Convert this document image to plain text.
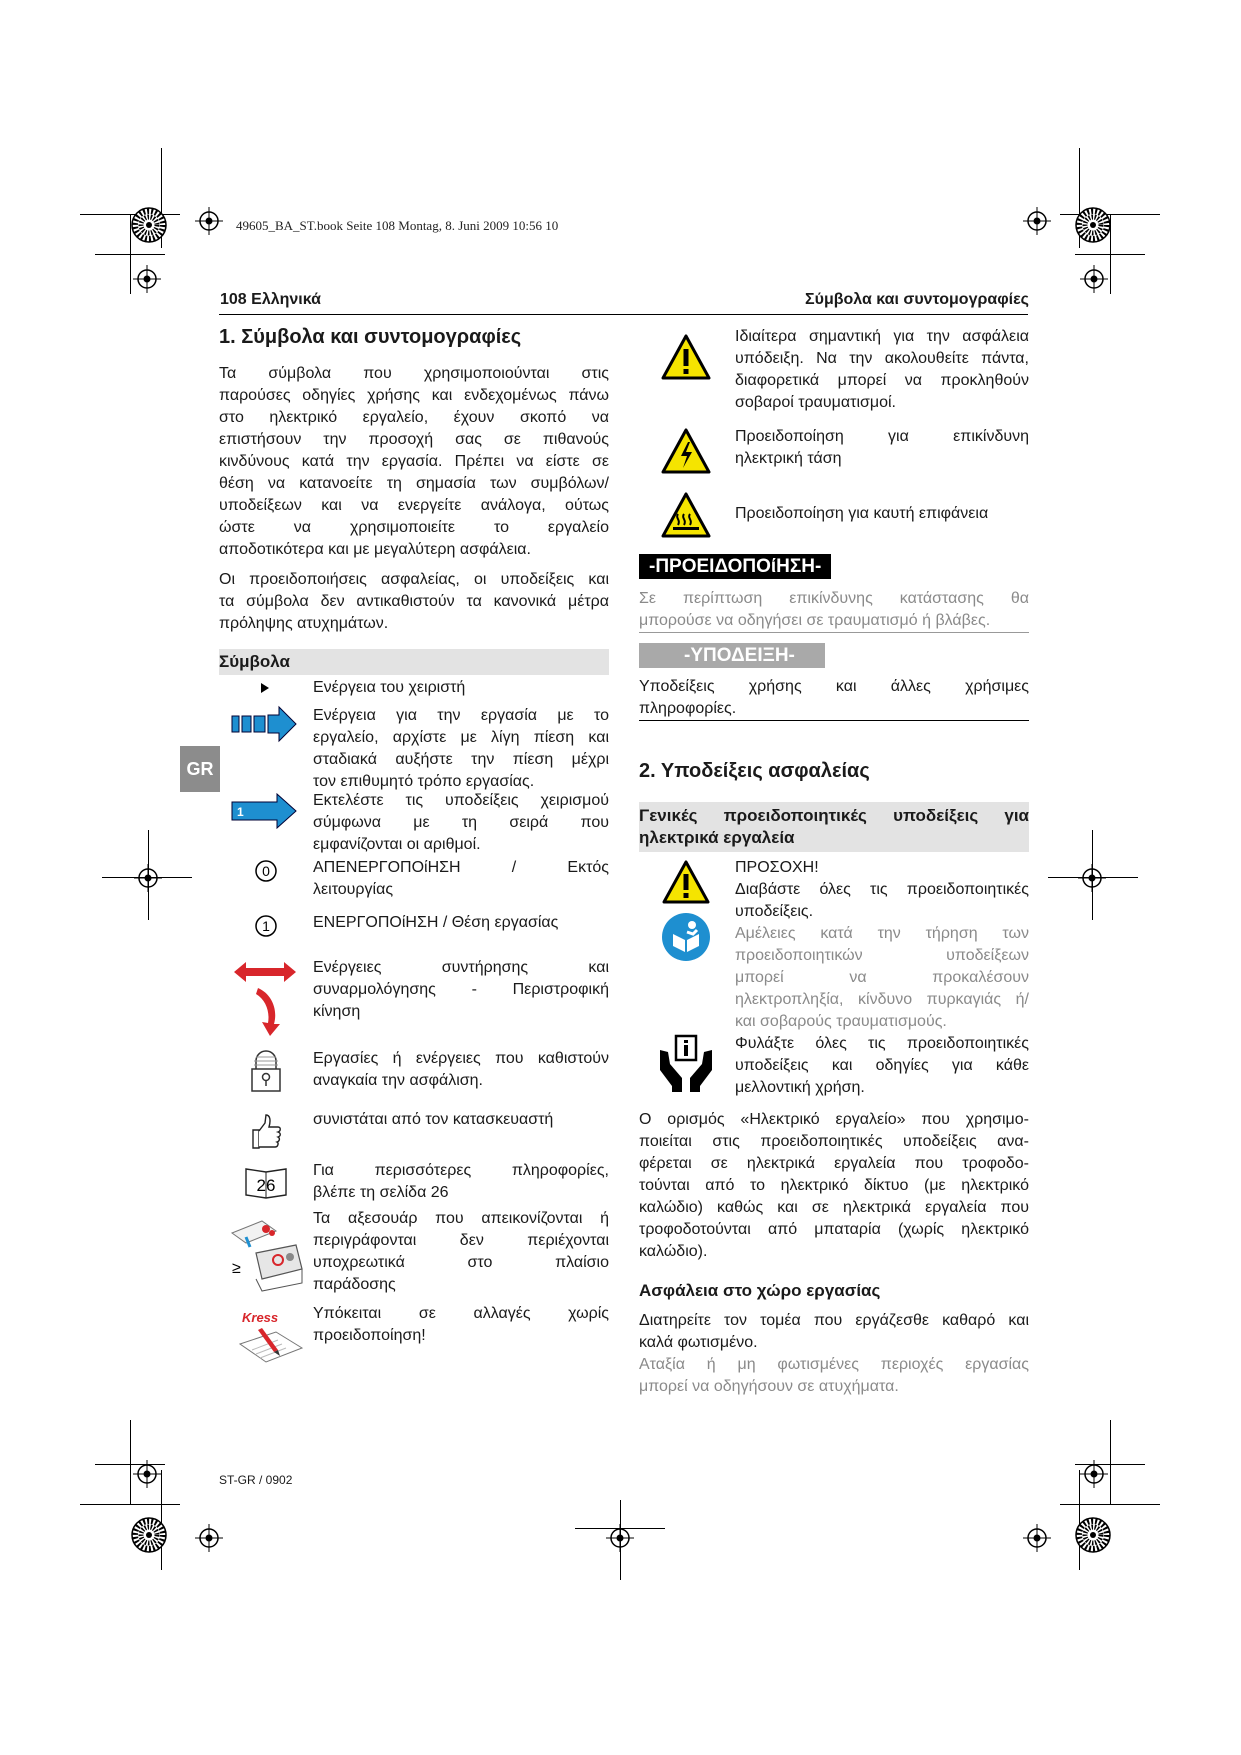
49605_BA_ST.book Seite 108 Montag, 8. Juni 2009 10:56 10
108 Ελληνικά	Σύμβολα και συντομογραφίες
GR
1. Σύμβολα και συντομογραφίες
Τα σύμβολα που χρησιμοποιούνται στις
παρούσες οδηγίες χρήσης και ενδεχομένως πάνω
στο ηλεκτρικό εργαλείο, έχουν σκοπό να
επιστήσουν την προσοχή σας σε πιθανούς
κινδύνους κατά την εργασία. Πρέπει να είστε σε
θέση να κατανοείτε τη σημασία των συμβόλων/
υποδείξεων και να ενεργείτε ανάλογα, ούτως
ώστε να χρησιμοποιείτε το εργαλείο
αποδοτικότερα και με μεγαλύτερη ασφάλεια.
Οι προειδοποιήσεις ασφαλείας, οι υποδείξεις και
τα σύμβολα δεν αντικαθιστούν τα κανονικά μέτρα
πρόληψης ατυχημάτων.
Σύμβολα
Ενέργεια του χειριστή
Ενέργεια για την εργασία με το
εργαλείο, αρχίστε με λίγη πίεση και
σταδιακά αυξήστε την πίεση μέχρι
τον επιθυμητό τρόπο εργασίας.
1
Εκτελέστε τις υποδείξεις χειρισμού
σύμφωνα με τη σειρά που
εμφανίζονται οι αριθμοί.
0	ΑΠΕΝΕΡΓΟΠΟίΗΣΗ / Εκτός
λειτουργίας
1	ΕΝΕΡΓΟΠΟίΗΣΗ / Θέση εργασίας
Ενέργειες συντήρησης και
συναρμολόγησης - Περιστροφική
κίνηση
Εργασίες ή ενέργειες που καθιστούν
αναγκαία την ασφάλιση.
συνιστάται από τον κατασκευαστή
26
Για περισσότερες πληροφορίες,
βλέπε τη σελίδα 26
≥
Τα αξεσουάρ που απεικονίζονται ή
περιγράφονται δεν περιέχονται
υποχρεωτικά στο πλαίσιο
παράδοσης
Kress Υπόκειται σε αλλαγές χωρίς
προειδοποίηση!
Ιδιαίτερα σημαντική για την ασφάλεια
υπόδειξη. Να την ακολουθείτε πάντα,
διαφορετικά μπορεί να προκληθούν
σοβαροί τραυματισμοί.
Προειδοποίηση για επικίνδυνη
ηλεκτρική τάση
Προειδοποίηση για καυτή επιφάνεια
-ΠΡΟΕΙΔΟΠΟίΗΣΗ-
Σε περίπτωση επικίνδυνης κατάστασης θα
μπορούσε να οδηγήσει σε τραυματισμό ή βλάβες.
-ΥΠΟΔΕΙΞΗ-
Υποδείξεις χρήσης και άλλες χρήσιμες
πληροφορίες.
2. Υποδείξεις ασφαλείας
Γενικές προειδοποιητικές υποδείξεις για
ηλεκτρικά εργαλεία
ΠΡΟΣΟΧΗ!
Διαβάστε όλες τις προειδοποιητικές
υποδείξεις.
Αμέλειες κατά την τήρηση των
προειδοποιητικών υποδείξεων
μπορεί να προκαλέσουν
ηλεκτροπληξία, κίνδυνο πυρκαγιάς ή/
και σοβαρούς τραυματισμούς.
Φυλάξτε όλες τις προειδοποιητικές
υποδείξεις και οδηγίες για κάθε
μελλοντική χρήση.
Ο ορισμός «Ηλεκτρικό εργαλείο» που χρησιμο-
ποιείται στις προειδοποιητικές υποδείξεις ανα-
φέρεται σε ηλεκτρικά εργαλεία που τροφοδο-
τούνται από το ηλεκτρικό δίκτυο (με ηλεκτρικό
καλώδιο) καθώς και σε ηλεκτρικά εργαλεία που
τροφοδοτούνται από μπαταρία (χωρίς ηλεκτρικό
καλώδιο).
Ασφάλεια στο χώρο εργασίας
Διατηρείτε τον τομέα που εργάζεσθε καθαρό και
καλά φωτισμένο.
Αταξία ή μη φωτισμένες περιοχές εργασίας
μπορεί να οδηγήσουν σε ατυχήματα.
ST-GR / 0902
